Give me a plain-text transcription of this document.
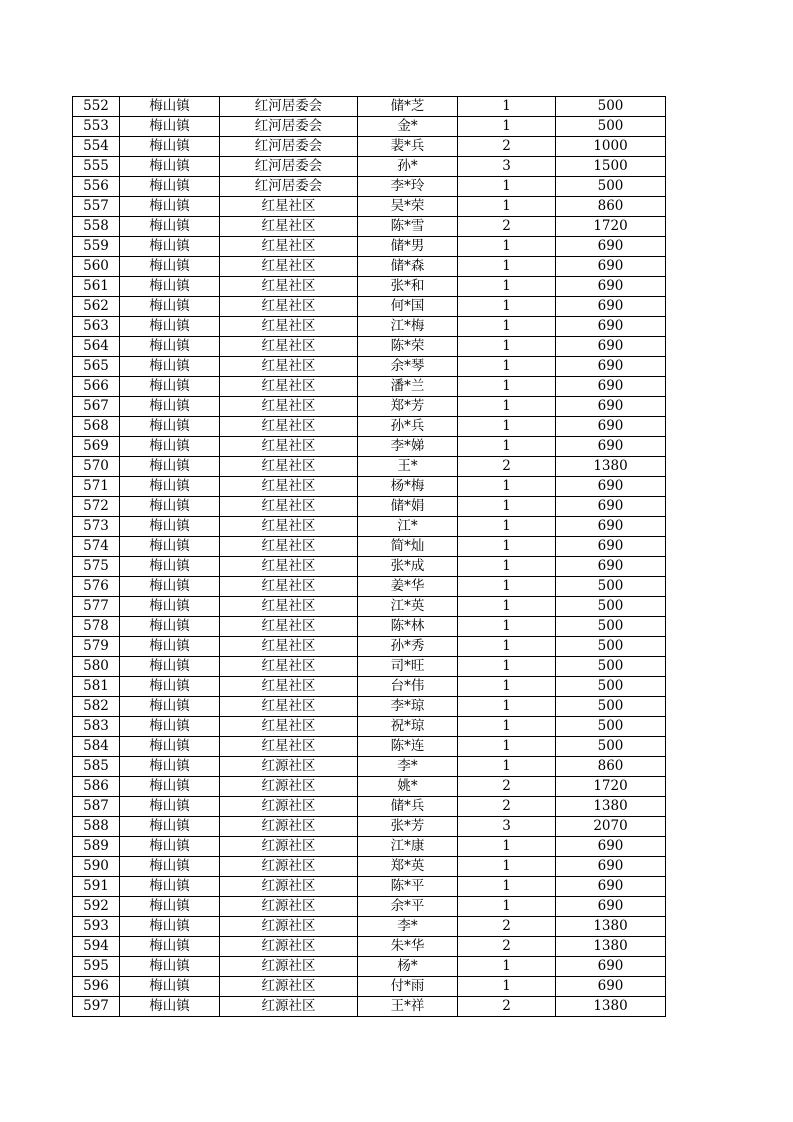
552	梅山镇	红河居委会	储*芝	1	500
553	梅山镇	红河居委会	金*	1	500
554	梅山镇	红河居委会	裴*兵	2	1000
555	梅山镇	红河居委会	孙*	3	1500
556	梅山镇	红河居委会	李*玲	1	500
557	梅山镇	红星社区	吴*荣	1	860
558	梅山镇	红星社区	陈*雪	2	1720
559	梅山镇	红星社区	储*男	1	690
560	梅山镇	红星社区	储*森	1	690
561	梅山镇	红星社区	张*和	1	690
562	梅山镇	红星社区	何*国	1	690
563	梅山镇	红星社区	江*梅	1	690
564	梅山镇	红星社区	陈*荣	1	690
565	梅山镇	红星社区	余*琴	1	690
566	梅山镇	红星社区	潘*兰	1	690
567	梅山镇	红星社区	郑*芳	1	690
568	梅山镇	红星社区	孙*兵	1	690
569	梅山镇	红星社区	李*娣	1	690
570	梅山镇	红星社区	王*	2	1380
571	梅山镇	红星社区	杨*梅	1	690
572	梅山镇	红星社区	储*娟	1	690
573	梅山镇	红星社区	江*	1	690
574	梅山镇	红星社区	简*灿	1	690
575	梅山镇	红星社区	张*成	1	690
576	梅山镇	红星社区	姜*华	1	500
577	梅山镇	红星社区	江*英	1	500
578	梅山镇	红星社区	陈*林	1	500
579	梅山镇	红星社区	孙*秀	1	500
580	梅山镇	红星社区	司*旺	1	500
581	梅山镇	红星社区	台*伟	1	500
582	梅山镇	红星社区	李*琼	1	500
583	梅山镇	红星社区	祝*琼	1	500
584	梅山镇	红星社区	陈*连	1	500
585	梅山镇	红源社区	李*	1	860
586	梅山镇	红源社区	姚*	2	1720
587	梅山镇	红源社区	储*兵	2	1380
588	梅山镇	红源社区	张*芳	3	2070
589	梅山镇	红源社区	江*康	1	690
590	梅山镇	红源社区	郑*英	1	690
591	梅山镇	红源社区	陈*平	1	690
592	梅山镇	红源社区	余*平	1	690
593	梅山镇	红源社区	李*	2	1380
594	梅山镇	红源社区	朱*华	2	1380
595	梅山镇	红源社区	杨*	1	690
596	梅山镇	红源社区	付*雨	1	690
597	梅山镇	红源社区	王*祥	2	1380
